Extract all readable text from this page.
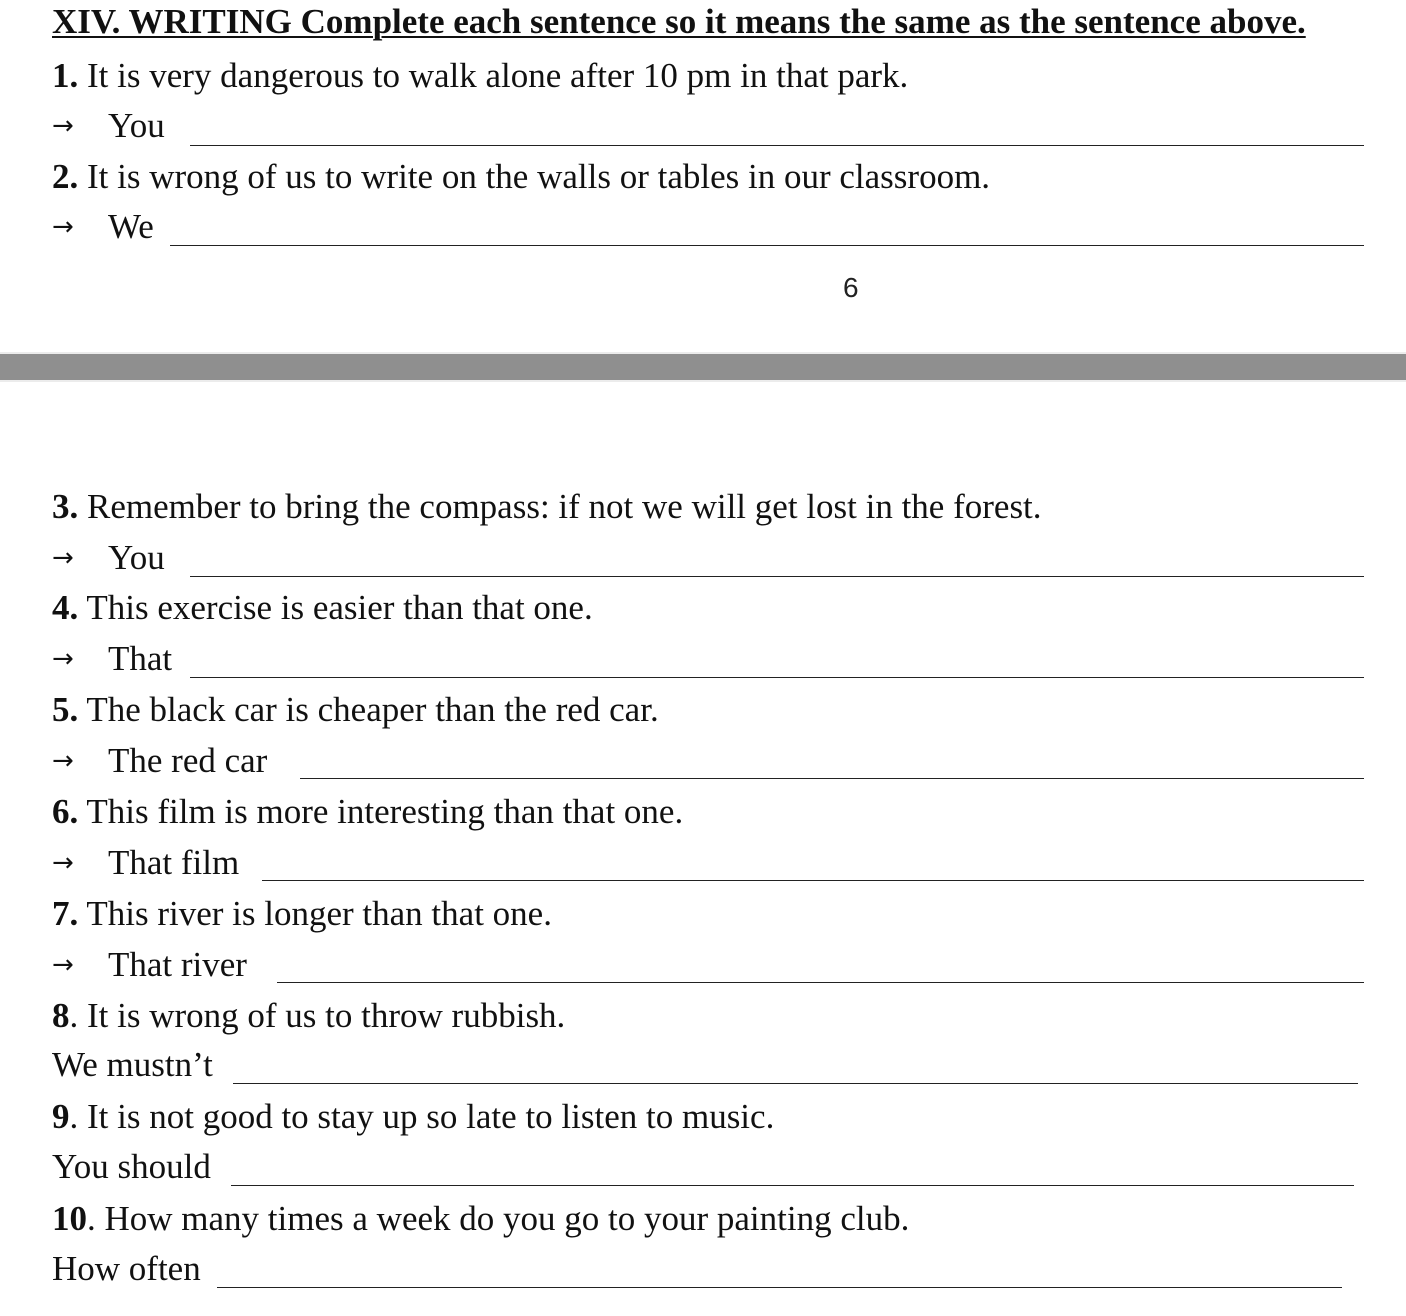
XIV. WRITING Complete each sentence so it means the same as the sentence above.
1. It is very dangerous to walk alone after 10 pm in that park.
→ You
2. It is wrong of us to write on the walls or tables in our classroom.
→ We
6
3. Remember to bring the compass: if not we will get lost in the forest.
→ You
4. This exercise is easier than that one.
→ That
5. The black car is cheaper than the red car.
→ The red car
6. This film is more interesting than that one.
→ That film
7. This river is longer than that one.
→ That river
8. It is wrong of us to throw rubbish.
We mustn’t
9. It is not good to stay up so late to listen to music.
You should
10. How many times a week do you go to your painting club.
How often
